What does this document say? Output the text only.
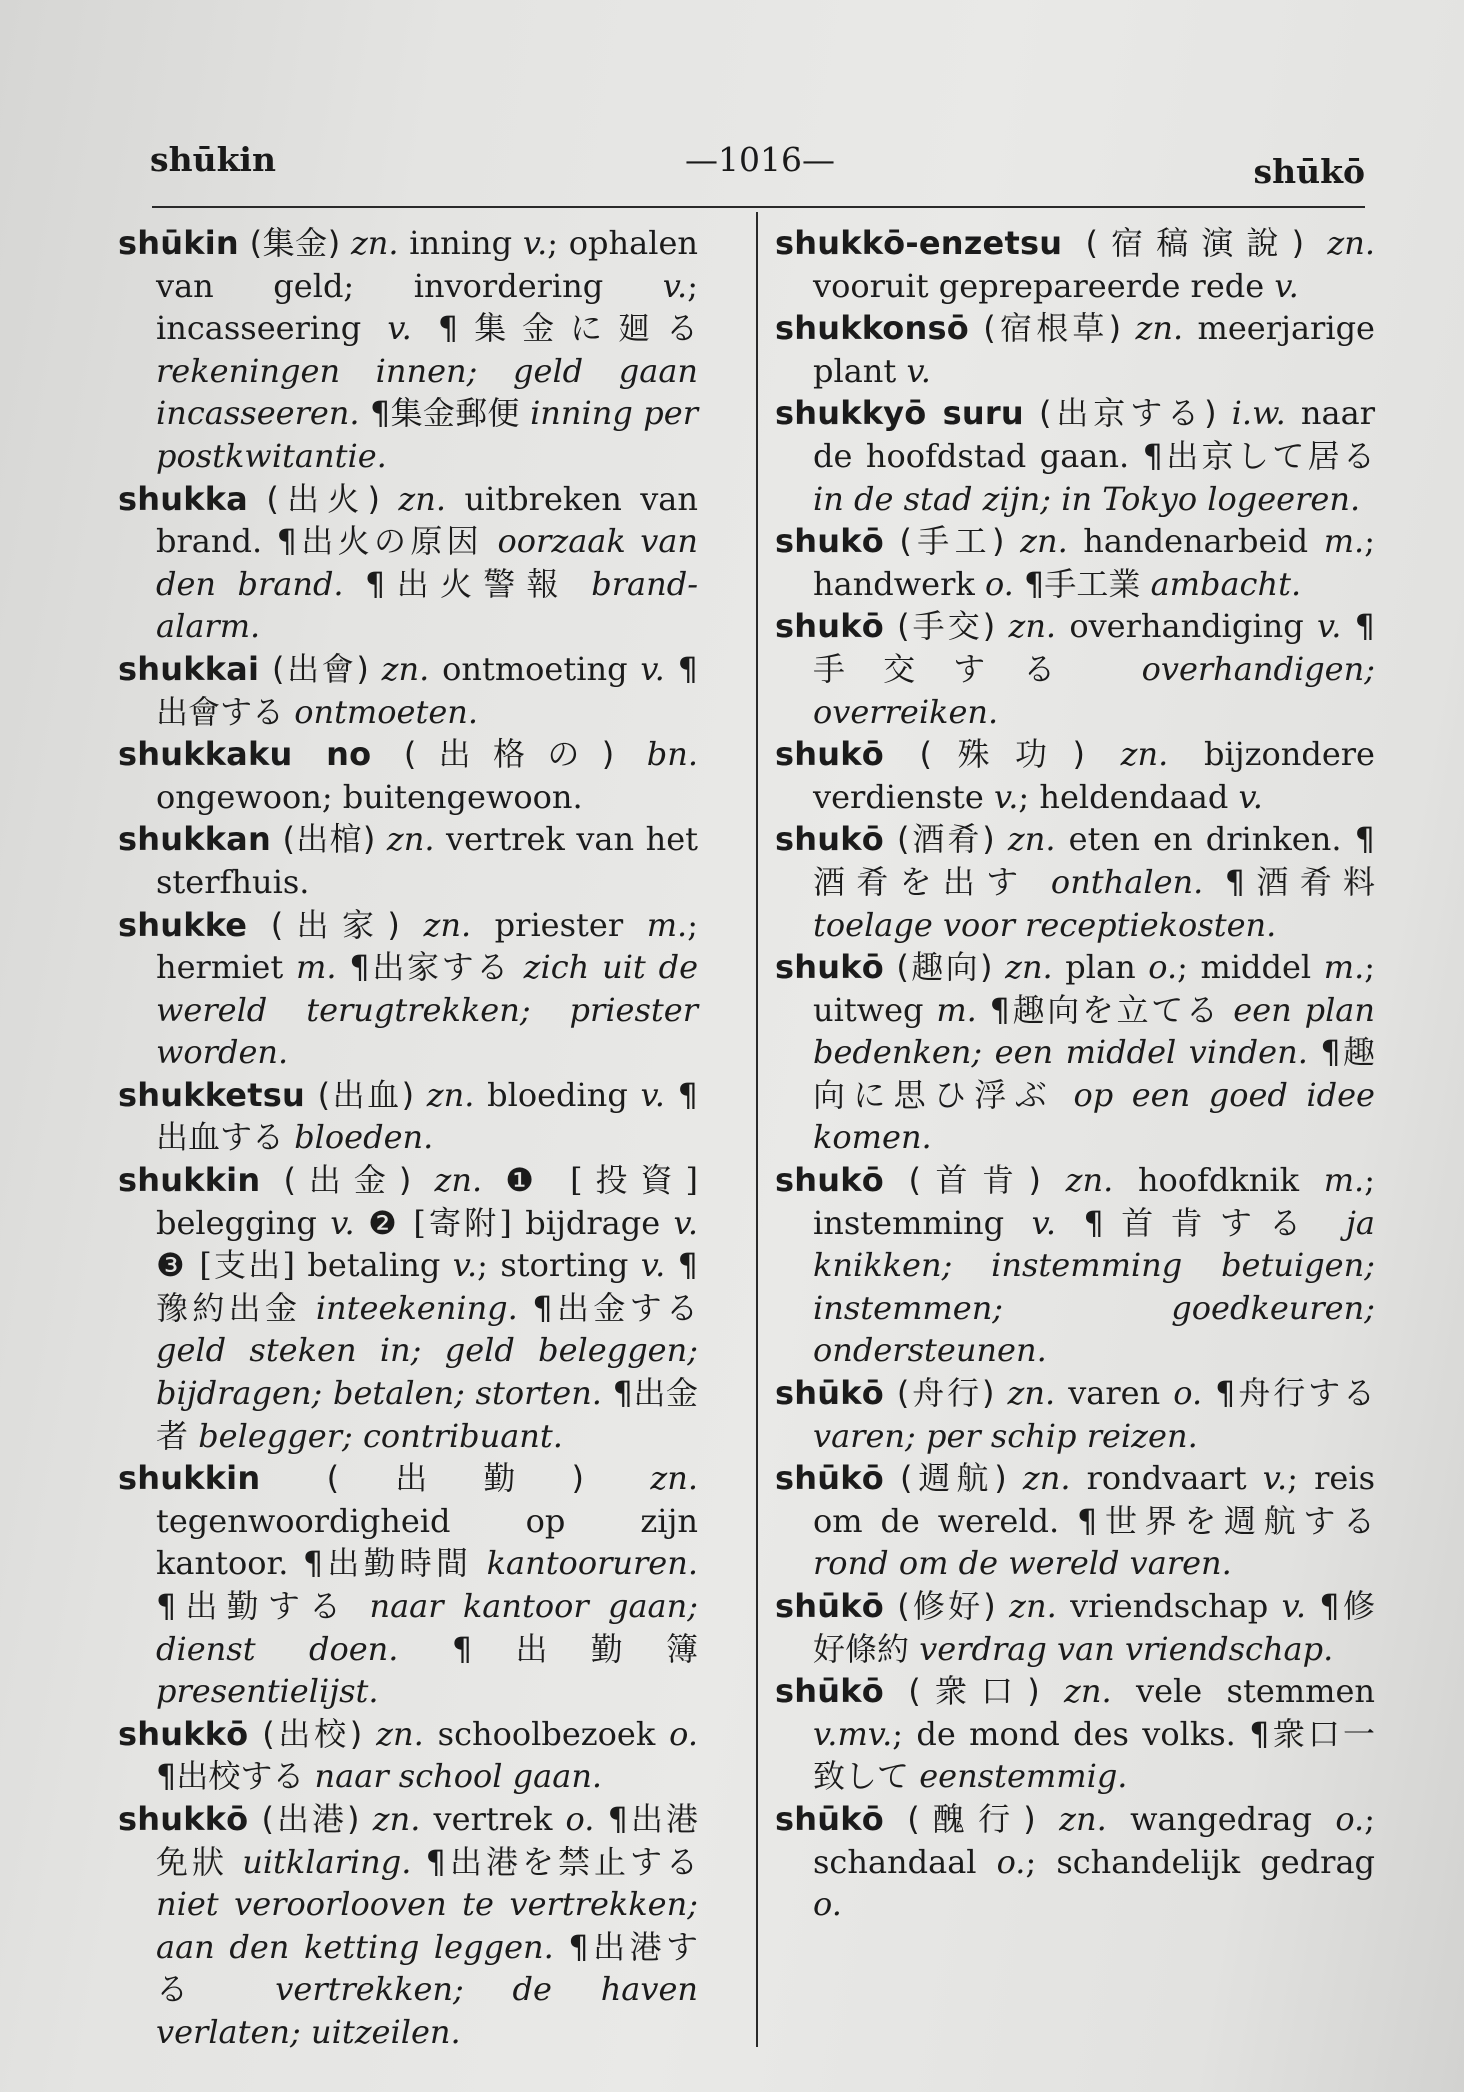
shūkin	—1016—	shūkō
shūkin (集金) zn. inning v.; ophalen van geld; invordering v.; incasseering v. ¶集金に廻る rekeningen innen; geld gaan incasseeren. ¶集金郵便 inning per postkwitantie.
shukka (出火) zn. uitbreken van brand. ¶出火の原因 oorzaak van den brand. ¶出火警報 brand-alarm.
shukkai (出會) zn. ontmoeting v. ¶出會する ontmoeten.
shukkaku no (出格の) bn. ongewoon; buitengewoon.
shukkan (出棺) zn. vertrek van het sterfhuis.
shukke (出家) zn. priester m.; hermiet m. ¶出家する zich uit de wereld terugtrekken; priester worden.
shukketsu (出血) zn. bloeding v. ¶出血する bloeden.
shukkin (出金) zn. ❶ [投資] belegging v. ❷ [寄附] bijdrage v. ❸ [支出] betaling v.; storting v. ¶豫約出金 inteekening. ¶出金する geld steken in; geld beleggen; bijdragen; betalen; storten. ¶出金者 belegger; contribuant.
shukkin (出勤) zn. tegenwoordigheid op zijn kantoor. ¶出勤時間 kantooruren. ¶出勤する naar kantoor gaan; dienst doen. ¶出勤簿 presentielijst.
shukkō (出校) zn. schoolbezoek o. ¶出校する naar school gaan.
shukkō (出港) zn. vertrek o. ¶出港免狀 uitklaring. ¶出港を禁止する niet veroorlooven te vertrekken; aan den ketting leggen. ¶出港する vertrekken; de haven verlaten; uitzeilen.
shukkō-enzetsu (宿稿演說) zn. vooruit geprepareerde rede v.
shukkonsō (宿根草) zn. meerjarige plant v.
shukkyō suru (出京する) i.w. naar de hoofdstad gaan. ¶出京して居る in de stad zijn; in Tokyo logeeren.
shukō (手工) zn. handenarbeid m.; handwerk o. ¶手工業 ambacht.
shukō (手交) zn. overhandiging v. ¶手交する overhandigen; overreiken.
shukō (殊功) zn. bijzondere verdienste v.; heldendaad v.
shukō (酒肴) zn. eten en drinken. ¶酒肴を出す onthalen. ¶酒肴料 toelage voor receptiekosten.
shukō (趣向) zn. plan o.; middel m.; uitweg m. ¶趣向を立てる een plan bedenken; een middel vinden. ¶趣向に思ひ浮ぶ op een goed idee komen.
shukō (首肯) zn. hoofdknik m.; instemming v. ¶首肯する ja knikken; instemming betuigen; instemmen; goedkeuren; ondersteunen.
shūkō (舟行) zn. varen o. ¶舟行する varen; per schip reizen.
shūkō (週航) zn. rondvaart v.; reis om de wereld. ¶世界を週航する rond om de wereld varen.
shūkō (修好) zn. vriendschap v. ¶修好條約 verdrag van vriendschap.
shūkō (衆口) zn. vele stemmen v.mv.; de mond des volks. ¶衆口一致して eenstemmig.
shūkō (醜行) zn. wangedrag o.; schandaal o.; schandelijk gedrag o.
